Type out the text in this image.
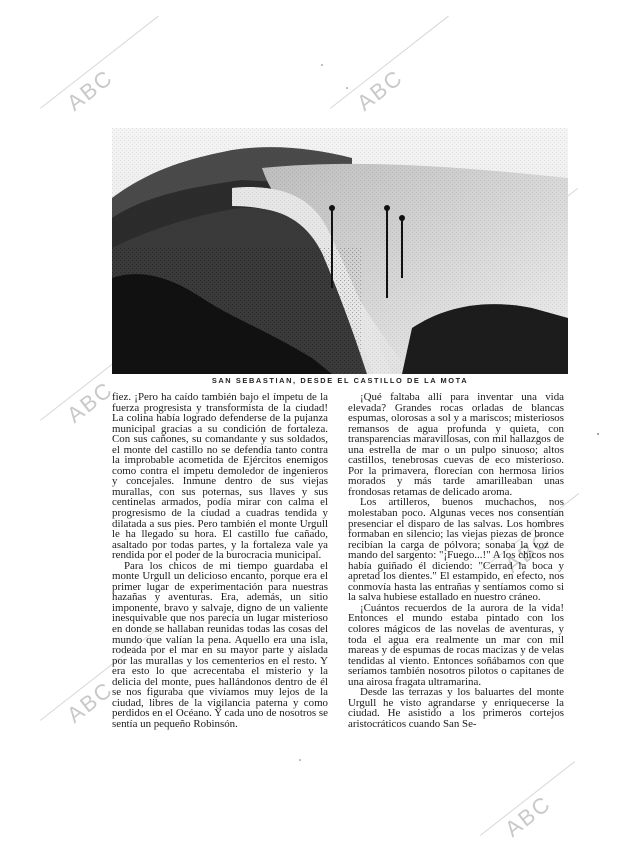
ABC	ABC
ABC
ABC
ABC
ABC
SAN SEBASTIAN, DESDE EL CASTILLO DE LA MOTA

fiez. ¡Pero ha caído también bajo el ímpetu de la fuerza progresista y transformista de la ciudad! La colina había logrado defenderse de la pujanza municipal gracias a su condición de fortaleza. Con sus cañones, su comandante y sus soldados, el monte del castillo no se defendía tanto contra la improbable acometida de Ejércitos enemigos como contra el ímpetu demoledor de ingenieros y concejales. Inmune dentro de sus viejas murallas, con sus poternas, sus llaves y sus centinelas armados, podía mirar con calma el progresismo de la ciudad a cuadras tendida y dilatada a sus pies. Pero también el monte Urgull le ha llegado su hora. El castillo fue cañado, asaltado por todas partes, y la fortaleza vale ya rendida por el poder de la burocracia municipal.

Para los chicos de mi tiempo guardaba el monte Urgull un delicioso encanto, porque era el primer lugar de experimentación para nuestras hazañas y aventuras. Era, además, un sitio imponente, bravo y salvaje, digno de un valiente inesquivable que nos parecía un lugar misterioso en donde se hallaban reunidas todas las cosas del mundo que valían la pena. Aquello era una isla, rodeada por el mar en su mayor parte y aislada por las murallas y los cementerios en el resto. Y era esto lo que acrecentaba el misterio y la delicia del monte, pues hallándonos dentro de él se nos figuraba que vivíamos muy lejos de la ciudad, libres de la vigilancia paterna y como perdidos en el Océano. Y cada uno de nosotros se sentía un pequeño Robinsón.

¡Qué faltaba allí para inventar una vida elevada? Grandes rocas orladas de blancas espumas, olorosas a sol y a mariscos; misteriosos remansos de agua profunda y quieta, con transparencias maravillosas, con mil hallazgos de una estrella de mar o un pulpo sinuoso; altos castillos, tenebrosas cuevas de eco misterioso. Por la primavera, florecían con hermosa lirios morados y más tarde amarilleaban unas frondosas retamas de delicado aroma.

Los artilleros, buenos muchachos, nos molestaban poco. Algunas veces nos consentían presenciar el disparo de las salvas. Los hombres formaban en silencio; las viejas piezas de bronce recibían la carga de pólvora; sonaba la voz de mando del sargento: "¡Fuego...!" A los chicos nos había guiñado él diciendo: "Cerrad la boca y apretad los dientes." El estampido, en efecto, nos conmovía hasta las entrañas y sentíamos como si la salva hubiese estallado en nuestro cráneo.

¡Cuántos recuerdos de la aurora de la vida! Entonces el mundo estaba pintado con los colores mágicos de las novelas de aventuras, y toda el agua era realmente un mar con mil mareas y de espumas de rocas macizas y de velas tendidas al viento. Entonces soñábamos con que seríamos también nosotros pilotos o capitanes de una airosa fragata ultramarina.

Desde las terrazas y los baluartes del monte Urgull he visto agrandarse y enriquecerse la ciudad. He asistido a los primeros cortejos aristocráticos cuando San Se-
